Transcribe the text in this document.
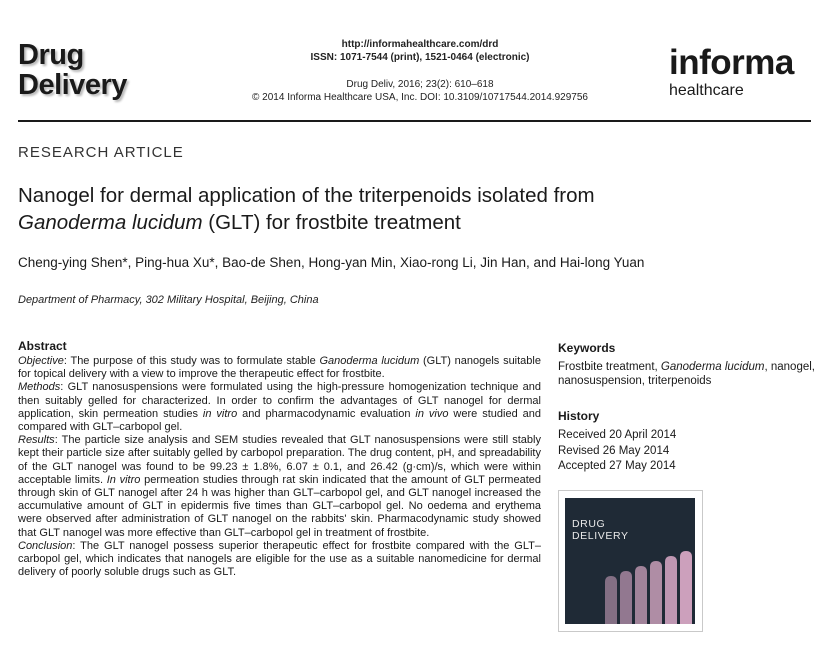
Drug
Delivery
http://informahealthcare.com/drd
ISSN: 1071-7544 (print), 1521-0464 (electronic)
Drug Deliv, 2016; 23(2): 610–618
© 2014 Informa Healthcare USA, Inc. DOI: 10.3109/10717544.2014.929756
informa
healthcare
RESEARCH ARTICLE
Nanogel for dermal application of the triterpenoids isolated from
Ganoderma lucidum (GLT) for frostbite treatment
Cheng-ying Shen*, Ping-hua Xu*, Bao-de Shen, Hong-yan Min, Xiao-rong Li, Jin Han, and Hai-long Yuan
Department of Pharmacy, 302 Military Hospital, Beijing, China
Abstract

Objective: The purpose of this study was to formulate stable Ganoderma lucidum (GLT) nanogels suitable for topical delivery with a view to improve the therapeutic effect for frostbite.

Methods: GLT nanosuspensions were formulated using the high-pressure homogenization technique and then suitably gelled for characterized. In order to confirm the advantages of GLT nanogel for dermal application, skin permeation studies in vitro and pharmacodynamic evaluation in vivo were studied and compared with GLT–carbopol gel.

Results: The particle size analysis and SEM studies revealed that GLT nanosuspensions were still stably kept their particle size after suitably gelled by carbopol preparation. The drug content, pH, and spreadability of the GLT nanogel was found to be 99.23 ± 1.8%, 6.07 ± 0.1, and 26.42 (g·cm)/s, which were within acceptable limits. In vitro permeation studies through rat skin indicated that the amount of GLT permeated through skin of GLT nanogel after 24 h was higher than GLT–carbopol gel, and GLT nanogel increased the accumulative amount of GLT in epidermis five times than GLT–carbopol gel. No oedema and erythema were observed after administration of GLT nanogel on the rabbits' skin. Pharmacodynamic study showed that GLT nanogel was more effective than GLT–carbopol gel in treatment of frostbite.

Conclusion: The GLT nanogel possess superior therapeutic effect for frostbite compared with the GLT–carbopol gel, which indicates that nanogels are eligible for the use as a suitable nanomedicine for dermal delivery of poorly soluble drugs such as GLT.

Keywords
Frostbite treatment, Ganoderma lucidum, nanogel, nanosuspension, triterpenoids
History
Received 20 April 2014
Revised 26 May 2014
Accepted 27 May 2014
DRUG
DELIVERY
